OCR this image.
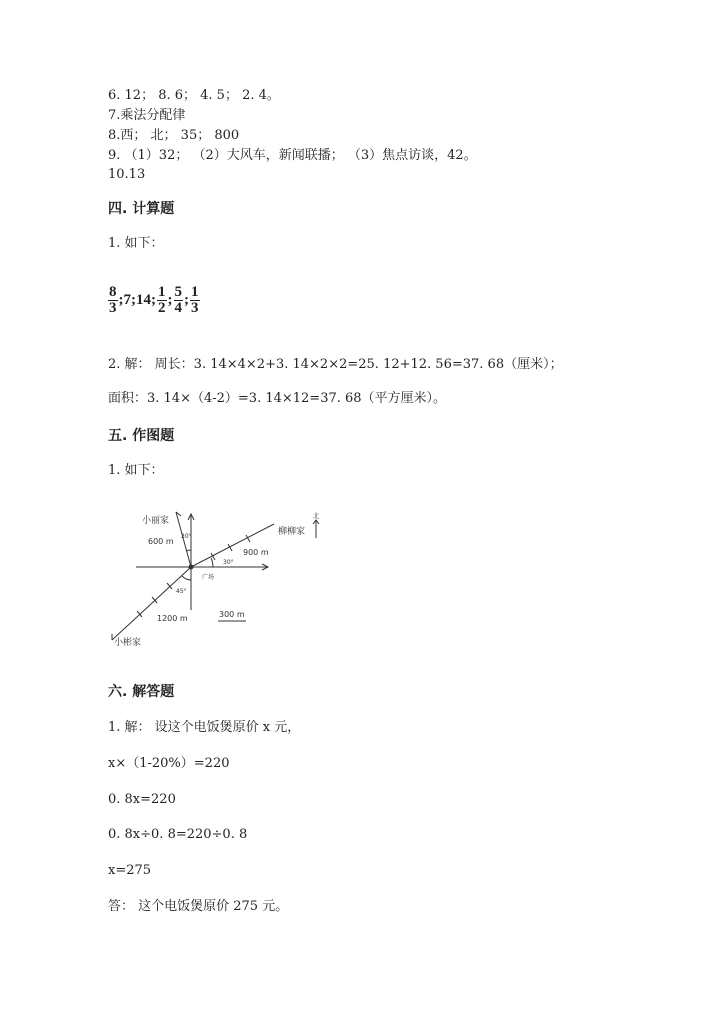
6. 12； 8. 6； 4. 5； 2. 4。
7.乘法分配律
8.西； 北； 35； 800
9. （1）32； （2）大风车，新闻联播； （3）焦点访谈，42。
10.13
四. 计算题
1. 如下：
$\frac{8}{3}$ ;7;14; $\frac{1}{2}$ ; $\frac{5}{4}$ ; $\frac{1}{3}$
2. 解： 周长：3. 14×4×2+3. 14×2×2=25. 12+12. 56=37. 68（厘米）；
面积：3. 14×（4-2）=3. 14×12=37. 68（平方厘米）。
五. 作图题
1. 如下：
小丽家
柳柳家
小彬家
广场
北
600 m
900 m
1200 m
20°
30°
45°
300 m
六. 解答题
1. 解： 设这个电饭煲原价 x 元，
x×（1-20%）=220
0. 8x=220
0. 8x÷0. 8=220÷0. 8
x=275
答： 这个电饭煲原价 275 元。
